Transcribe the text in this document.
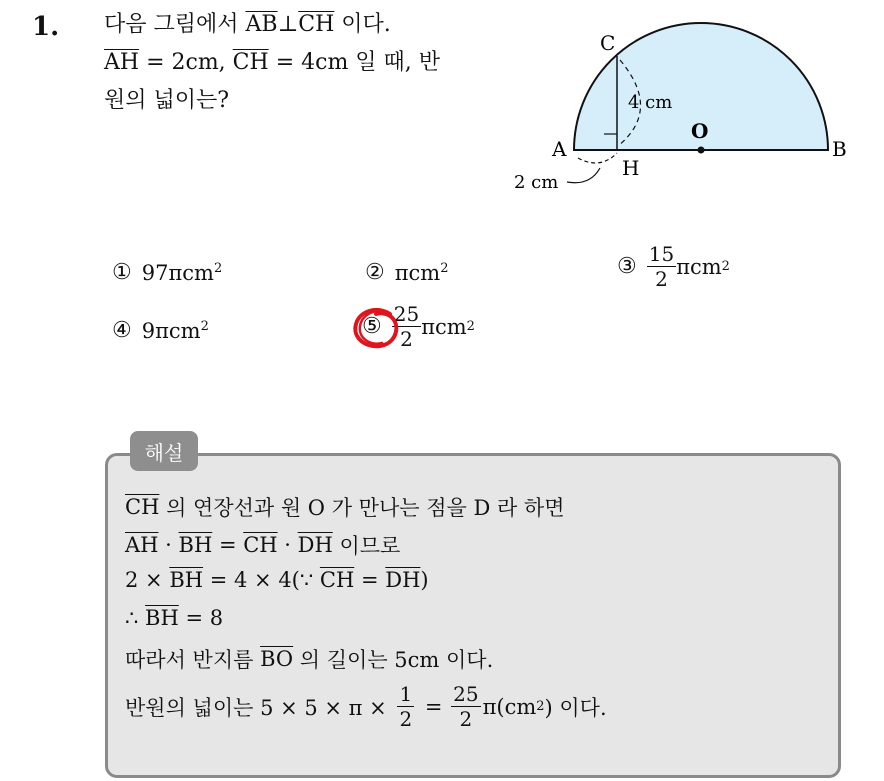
1. 다음 그림에서 $\overline{AB}\perp\overline{CH}$ 이다.
$\overline{AH} = 2cm$, $\overline{CH} = 4cm$ 일 때, 반
원의 넓이는?
C
A
H
O
B
4 cm
2 cm
① 97πcm$^2$	② πcm$^2$	③ $\frac{15}{2}$ πcm 2
④ 9πcm$^2$	⑤ $\frac{25}{2}$ πcm 2
해설
$\overline{CH}$ 의 연장선과 원 O 가 만나는 점을 D 라 하면
$\overline{AH} \cdot \overline{BH} = \overline{CH} \cdot \overline{DH}$ 이므로
$2 \times \overline{BH} = 4$ × 4(∵ $\overline{CH} = \overline{DH}$ )
∴ $\overline{BH} = 8$
따라서 반지름 $\overline{BO}$ 의 길이는 5cm 이다.
반원의 넓이는 $5 \times 5 \times \pi \times \frac{1}{2} = \frac{25}{2} \pi(cm$ 2 ) 이다.
